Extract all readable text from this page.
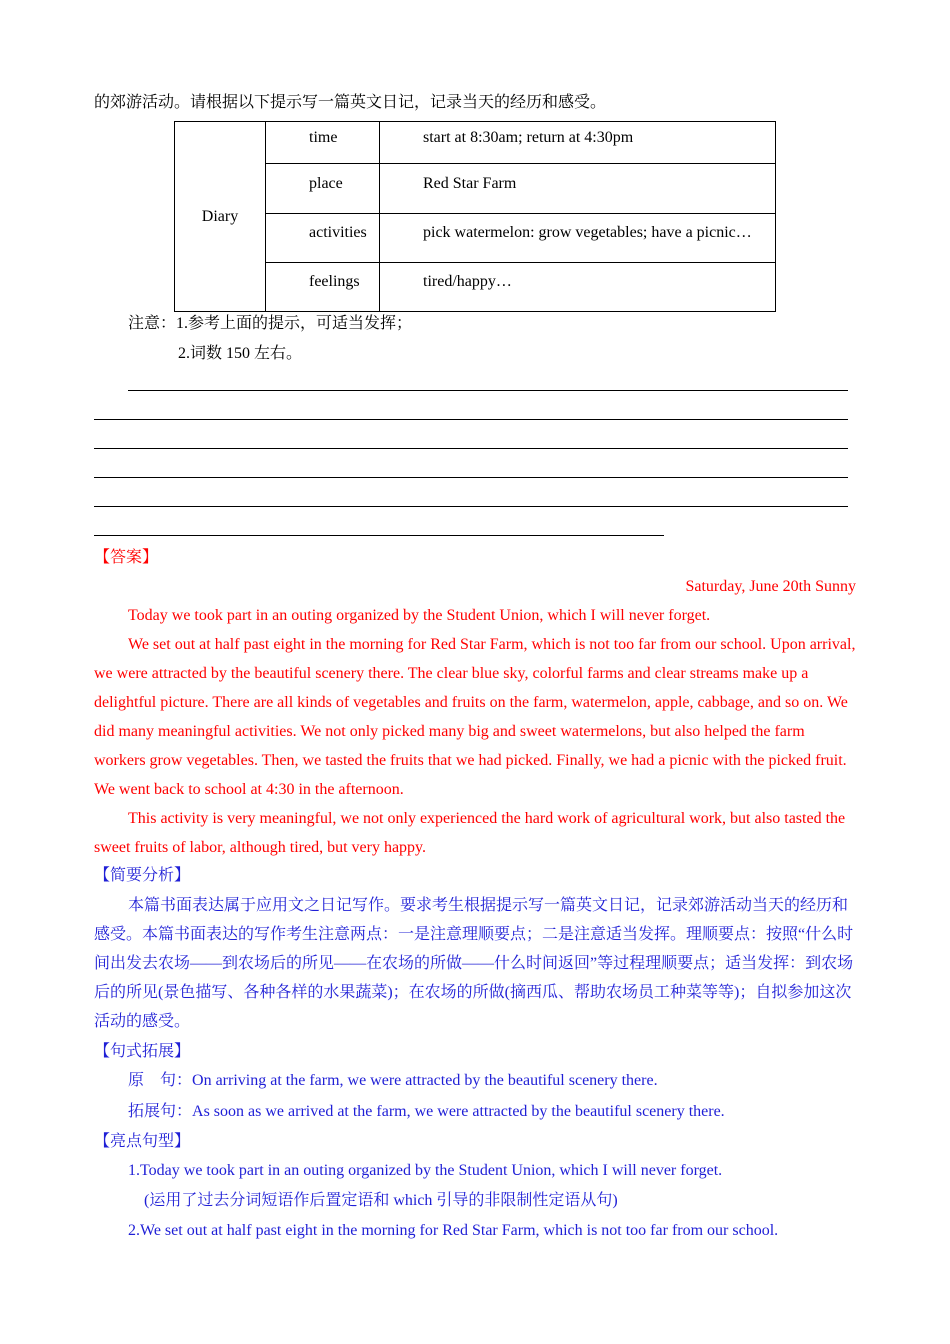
的郊游活动。请根据以下提示写一篇英文日记，记录当天的经历和感受。
Diary	time	start at 8:30am; return at 4:30pm

	place	Red Star Farm

	activities	pick watermelon: grow vegetables; have a picnic…

	feelings	tired/happy…
注意：1.参考上面的提示，可适当发挥；
2.词数 150 左右。
【答案】
Saturday, June 20th Sunny

Today we took part in an outing organized by the Student Union, which I will never forget.

We set out at half past eight in the morning for Red Star Farm, which is not too far from our school. Upon arrival, we were attracted by the beautiful scenery there. The clear blue sky, colorful farms and clear streams make up a delightful picture. There are all kinds of vegetables and fruits on the farm, watermelon, apple, cabbage, and so on. We did many meaningful activities. We not only picked many big and sweet watermelons, but also helped the farm workers grow vegetables. Then, we tasted the fruits that we had picked. Finally, we had a picnic with the picked fruit. We went back to school at 4:30 in the afternoon.

This activity is very meaningful, we not only experienced the hard work of agricultural work, but also tasted the sweet fruits of labor, although tired, but very happy.

【简要分析】

本篇书面表达属于应用文之日记写作。要求考生根据提示写一篇英文日记，记录郊游活动当天的经历和感受。本篇书面表达的写作考生注意两点：一是注意理顺要点；二是注意适当发挥。理顺要点：按照“什么时间出发去农场——到农场后的所见——在农场的所做——什么时间返回”等过程理顺要点；适当发挥：到农场后的所见(景色描写、各种各样的水果蔬菜)；在农场的所做(摘西瓜、帮助农场员工种菜等等)；自拟参加这次活动的感受。

【句式拓展】
原　句：On arriving at the farm, we were attracted by the beautiful scenery there.
拓展句：As soon as we arrived at the farm, we were attracted by the beautiful scenery there.
【亮点句型】
1.Today we took part in an outing organized by the Student Union, which I will never forget.
(运用了过去分词短语作后置定语和 which 引导的非限制性定语从句)
2.We set out at half past eight in the morning for Red Star Farm, which is not too far from our school.
